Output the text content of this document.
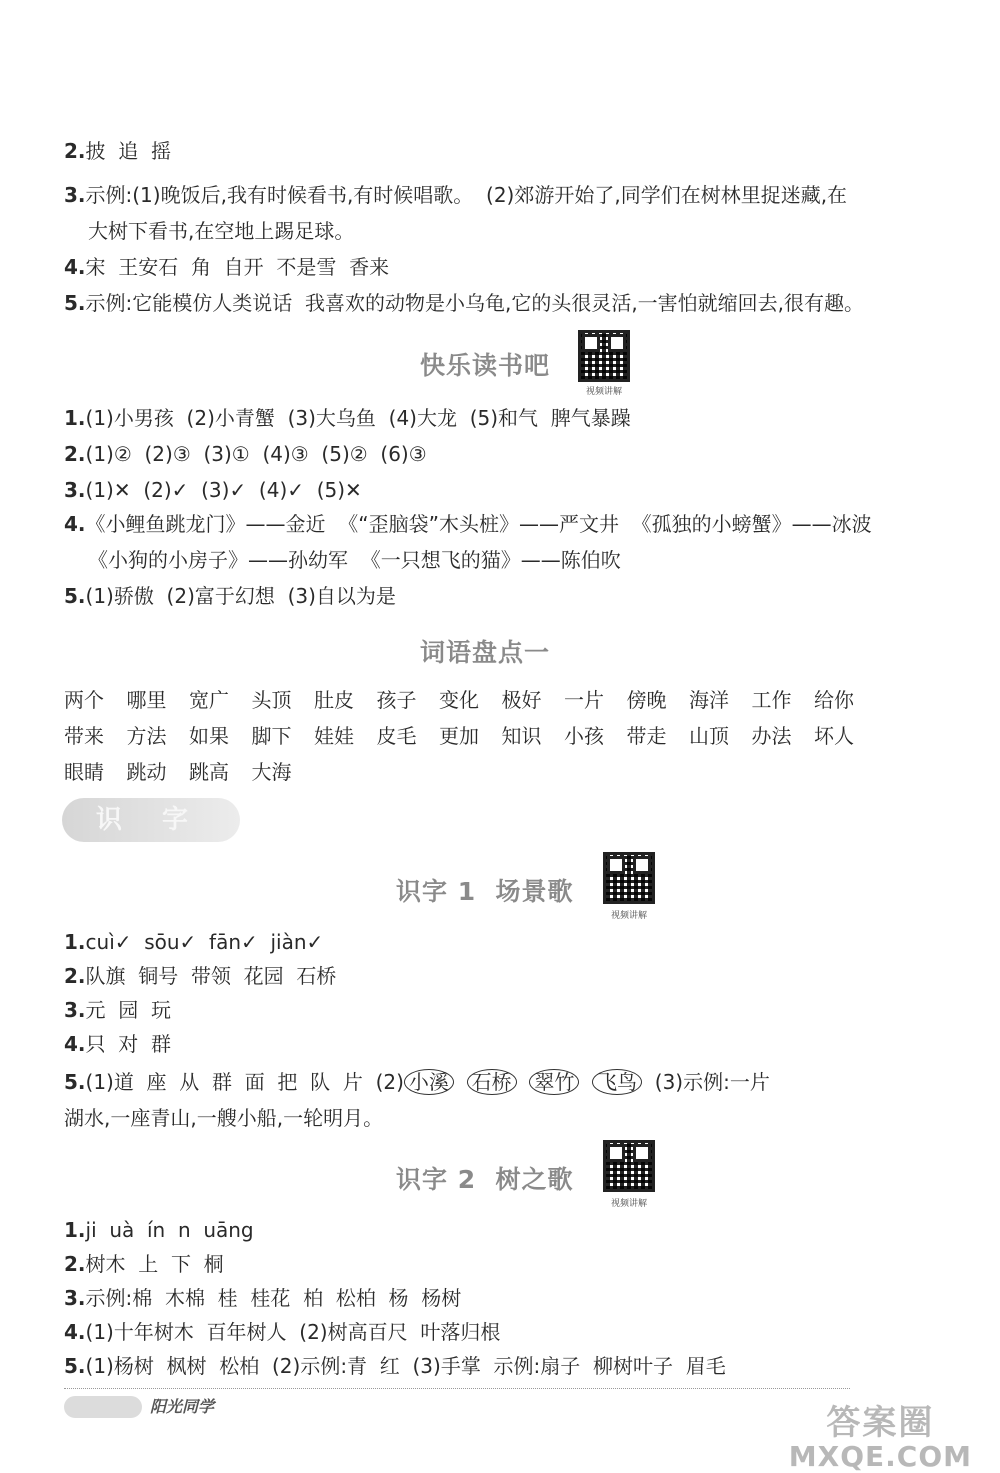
2.披  追  摇
3.示例:(1)晚饭后,我有时候看书,有时候唱歌。  (2)郊游开始了,同学们在树林里捉迷藏,在
大树下看书,在空地上踢足球。
4.宋  王安石  角  自开  不是雪  香来
5.示例:它能模仿人类说话  我喜欢的动物是小乌龟,它的头很灵活,一害怕就缩回去,很有趣。
快乐读书吧
视频讲解
1.(1)小男孩  (2)小青蟹  (3)大乌鱼  (4)大龙  (5)和气  脾气暴躁
2.(1)②  (2)③  (3)①  (4)③  (5)②  (6)③
3.(1)✕  (2)✓  (3)✓  (4)✓  (5)✕
4.《小鲤鱼跳龙门》——金近  《“歪脑袋”木头桩》——严文井  《孤独的小螃蟹》——冰波
《小狗的小房子》——孙幼军  《一只想飞的猫》——陈伯吹
5.(1)骄傲  (2)富于幻想  (3)自以为是
词语盘点一
两个	哪里	宽广	头顶	肚皮	孩子	变化	极好	一片	傍晚	海洋	工作	给你
带来	方法	如果	脚下	娃娃	皮毛	更加	知识	小孩	带走	山顶	办法	坏人
眼睛	跳动	跳高	大海
识字
识字 1  场景歌
视频讲解
1.cuì✓  sōu✓  fān✓  jiàn✓
2.队旗  铜号  带领  花园  石桥
3.元  园  玩
4.只  对  群
5.(1)道  座  从  群  面  把  队  片  (2) 小溪 石桥 翠竹 飞鸟 (3)示例:一片
湖水,一座青山,一艘小船,一轮明月。
识字 2  树之歌
视频讲解
1.ji  uà  ín  n  uāng
2.树木  上  下  桐
3.示例:棉  木棉  桂  桂花  柏  松柏  杨  杨树
4.(1)十年树木  百年树人  (2)树高百尺  叶落归根
5.(1)杨树  枫树  松柏  (2)示例:青  红  (3)手掌  示例:扇子  柳树叶子  眉毛
阳光同学	答案圈
MXQE.COM
